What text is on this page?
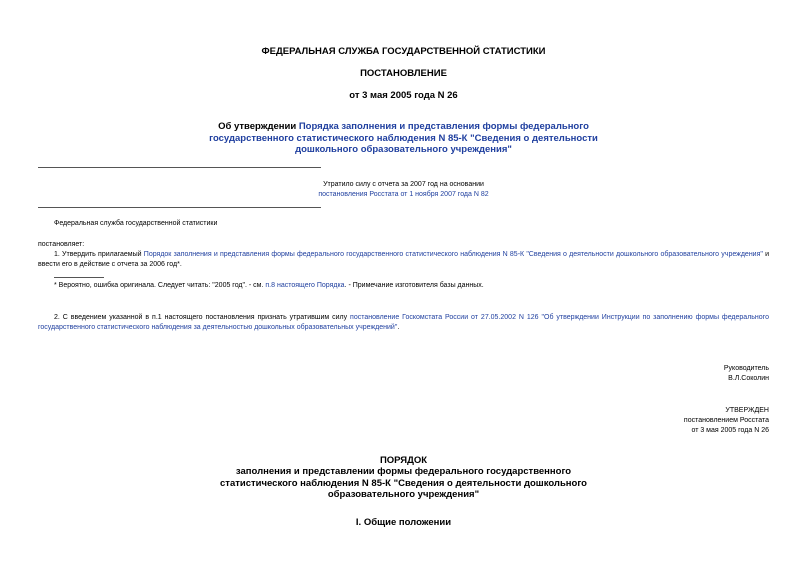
ФЕДЕРАЛЬНАЯ СЛУЖБА ГОСУДАРСТВЕННОЙ СТАТИСТИКИ
ПОСТАНОВЛЕНИЕ
от 3 мая 2005 года N 26
Об утверждении Порядка заполнения и представления формы федерального государственного статистического наблюдения N 85-К "Сведения о деятельности дошкольного образовательного учреждения"
Утратило силу с отчета за 2007 год на основании
постановления Росстата от 1 ноября 2007 года N 82
Федеральная служба государственной статистики
постановляет:
1. Утвердить прилагаемый Порядок заполнения и представления формы федерального государственного статистического наблюдения N 85-К "Сведения о деятельности дошкольного образовательного учреждения" и ввести его в действие с отчета за 2006 год*.
* Вероятно, ошибка оригинала. Следует читать: "2005 год". - см. п.8 настоящего Порядка. - Примечание изготовителя базы данных.
2. С введением указанной в п.1 настоящего постановления признать утратившим силу постановление Госкомстата России от 27.05.2002 N 126 "Об утверждении Инструкции по заполнению формы федерального государственного статистического наблюдения за деятельностью дошкольных образовательных учреждений".
Руководитель
В.Л.Соколин
УТВЕРЖДЕН
постановлением Росстата
от 3 мая 2005 года N 26
ПОРЯДОК
заполнения и представлении формы федерального государственного статистического наблюдения N 85-К "Сведения о деятельности дошкольного образовательного учреждения"
I. Общие положении
